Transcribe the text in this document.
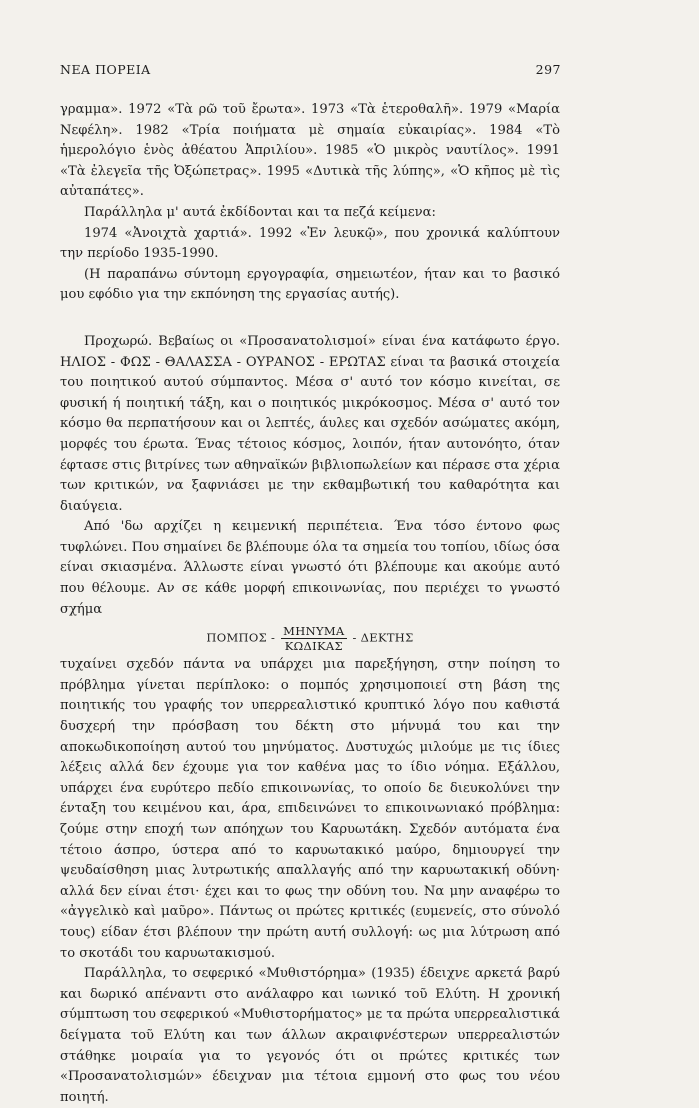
ΝΕΑ ΠΟΡΕΙΑ	297

γραμμα». 1972 «Τὰ ρῶ τοῦ ἔρωτα». 1973 «Τὰ ἑτεροθαλῆ». 1979 «Μαρία Νεφέλη». 1982 «Τρία ποιήματα μὲ σημαία εὐκαιρίας». 1984 «Τὸ ἡμερολόγιο ἑνὸς ἀθέατου Ἀπριλίου». 1985 «Ὁ μικρὸς ναυτίλος». 1991 «Τὰ ἐλεγεῖα τῆς Ὀξώπετρας». 1995 «Δυτικὰ τῆς λύπης», «Ὁ κῆπος μὲ τὶς αὐταπάτες».

Παράλληλα μ' αυτά ἐκδίδονται και τα πεζά κείμενα:

1974 «Ἀνοιχτὰ χαρτιά». 1992 «Ἐν λευκῷ», που χρονικά καλύπτουν την περίοδο 1935-1990.

(Η παραπάνω σύντομη εργογραφία, σημειωτέον, ήταν και το βασικό μου εφόδιο για την εκπόνηση της εργασίας αυτής).

Προχωρώ. Βεβαίως οι «Προσανατολισμοί» είναι ένα κατάφωτο έργο. ΗΛΙΟΣ - ΦΩΣ - ΘΑΛΑΣΣΑ - ΟΥΡΑΝΟΣ - ΕΡΩΤΑΣ είναι τα βασικά στοιχεία του ποιητικού αυτού σύμπαντος. Μέσα σ' αυτό τον κόσμο κινείται, σε φυσική ή ποιητική τάξη, και ο ποιητικός μικρόκοσμος. Μέσα σ' αυτό τον κόσμο θα περπατήσουν και οι λεπτές, άυλες και σχεδόν ασώματες ακόμη, μορφές του έρωτα. Ένας τέτοιος κόσμος, λοιπόν, ήταν αυτονόητο, όταν έφτασε στις βιτρίνες των αθηναϊκών βιβλιοπωλείων και πέρασε στα χέρια των κριτικών, να ξαφνιάσει με την εκθαμβωτική του καθαρότητα και διαύγεια.

Από 'δω αρχίζει η κειμενική περιπέτεια. Ένα τόσο έντονο φως τυφλώνει. Που σημαίνει δε βλέπουμε όλα τα σημεία του τοπίου, ιδίως όσα είναι σκιασμένα. Άλλωστε είναι γνωστό ότι βλέπουμε και ακούμε αυτό που θέλουμε. Αν σε κάθε μορφή επικοινωνίας, που περιέχει το γνωστό σχήμα

ΠΟΜΠΟΣ - $\frac{\text{ΜΗΝΥΜΑ}}{\text{ΚΩΔΙΚΑΣ}}$ - ΔΕΚΤΗΣ

τυχαίνει σχεδόν πάντα να υπάρχει μια παρεξήγηση, στην ποίηση το πρόβλημα γίνεται περίπλοκο: ο πομπός χρησιμοποιεί στη βάση της ποιητικής του γραφής τον υπερρεαλιστικό κρυπτικό λόγο που καθιστά δυσχερή την πρόσβαση του δέκτη στο μήνυμά του και την αποκωδικοποίηση αυτού του μηνύματος. Δυστυχώς μιλούμε με τις ίδιες λέξεις αλλά δεν έχουμε για τον καθένα μας το ίδιο νόημα. Εξάλλου, υπάρχει ένα ευρύτερο πεδίο επικοινωνίας, το οποίο δε διευκολύνει την ένταξη του κειμένου και, άρα, επιδεινώνει το επικοινωνιακό πρόβλημα: ζούμε στην εποχή των απόηχων του Καρυωτάκη. Σχεδόν αυτόματα ένα τέτοιο άσπρο, ύστερα από το καρυωτακικό μαύρο, δημιουργεί την ψευδαίσθηση μιας λυτρωτικής απαλλαγής από την καρυωτακική οδύνη· αλλά δεν είναι έτσι· έχει και το φως την οδύνη του. Να μην αναφέρω το «ἀγγελικὸ καὶ μαῦρο». Πάντως οι πρώτες κριτικές (ευμενείς, στο σύνολό τους) είδαν έτσι βλέπουν την πρώτη αυτή συλλογή: ως μια λύτρωση από το σκοτάδι του καρυωτακισμού.

Παράλληλα, το σεφερικό «Μυθιστόρημα» (1935) έδειχνε αρκετά βαρύ και δωρικό απέναντι στο ανάλαφρο και ιωνικό τοῦ Ελύτη. Η χρονική σύμπτωση του σεφερικού «Μυθιστορήματος» με τα πρώτα υπερρεαλιστικά δείγματα τοῦ Ελύτη και των άλλων ακραιφνέστερων υπερρεαλιστών στάθηκε μοιραία για το γεγονός ότι οι πρώτες κριτικές των «Προσανατολισμών» έδειχναν μια τέτοια εμμονή στο φως του νέου ποιητή.
